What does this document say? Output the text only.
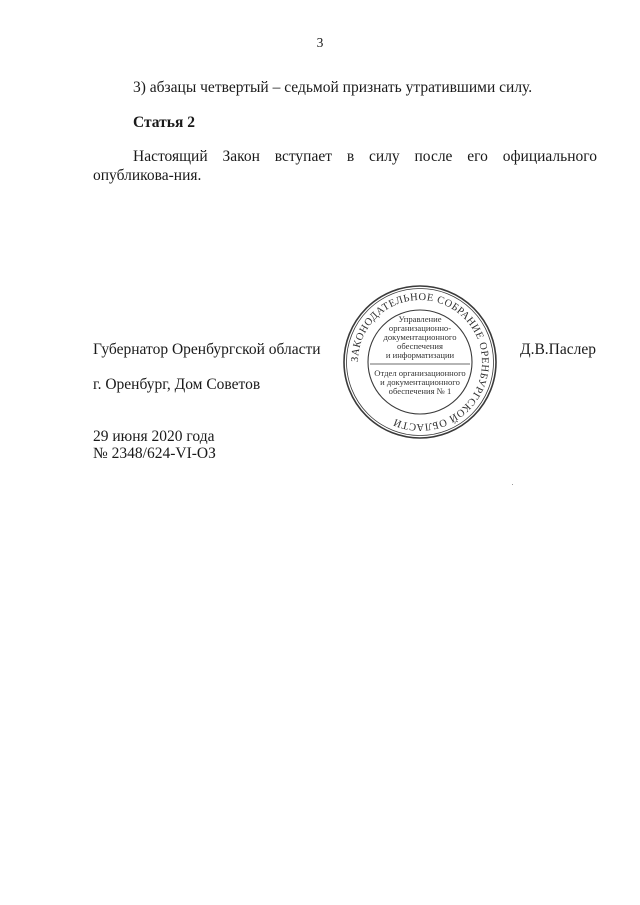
3
3) абзацы четвертый – седьмой признать утратившими силу.
Статья 2
Настоящий Закон вступает в силу после его официального опубликова-ния.
Губернатор Оренбургской области	Д.В.Паслер
г. Оренбург, Дом Советов
29 июня 2020 года
№ 2348/624-VI-ОЗ
ЗАКОНОДАТЕЛЬНОЕ СОБРАНИЕ ОРЕНБУРГСКОЙ ОБЛАСТИ
Управление
организационно-
документационного
обеспечения
и информатизации
Отдел организационного
и документационного
обеспечения № 1
